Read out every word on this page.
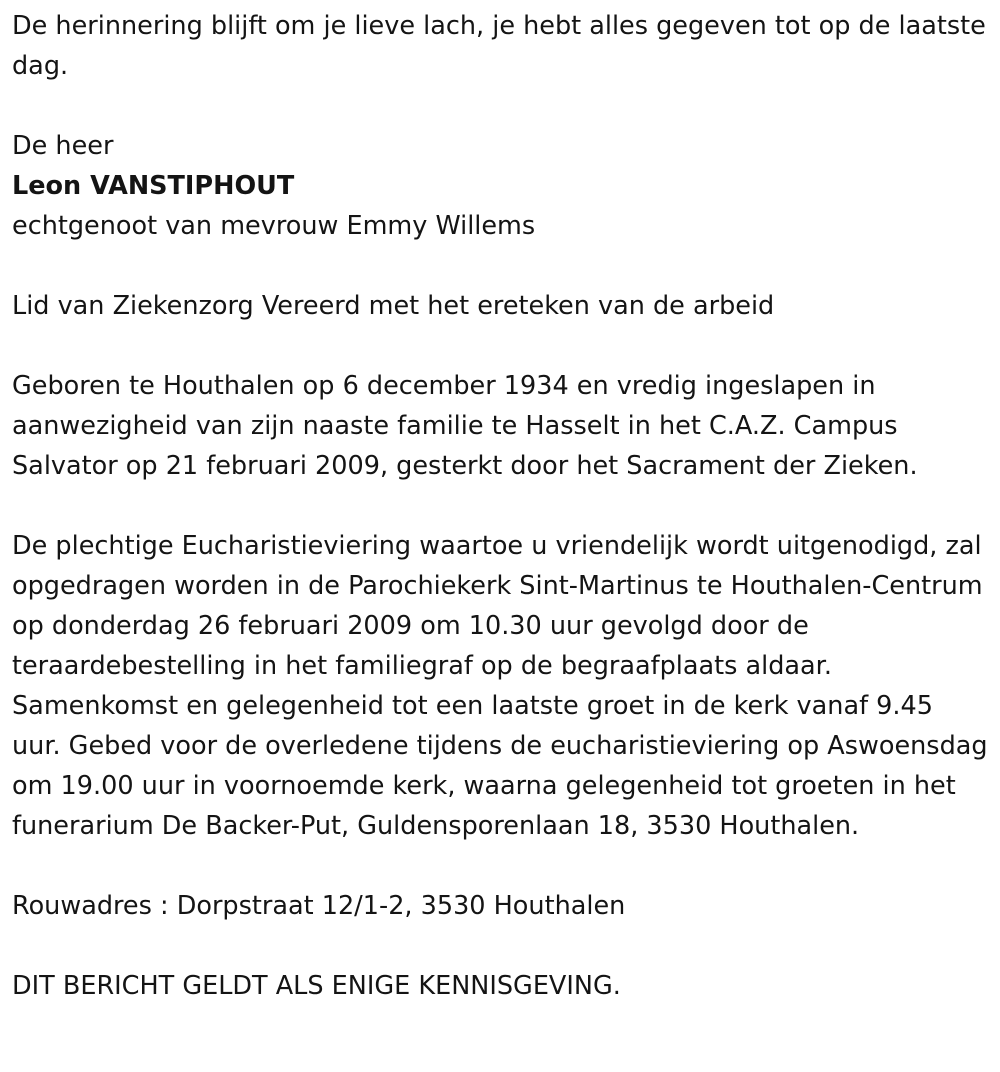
De herinnering blijft om je lieve lach, je hebt alles gegeven tot op de laatste dag.

De heer

Leon VANSTIPHOUT

echtgenoot van mevrouw Emmy Willems

Lid van Ziekenzorg Vereerd met het ereteken van de arbeid

Geboren te Houthalen op 6 december 1934 en vredig ingeslapen in aanwezigheid van zijn naaste familie te Hasselt in het C.A.Z. Campus Salvator op 21 februari 2009, gesterkt door het Sacrament der Zieken.

De plechtige Eucharistieviering waartoe u vriendelijk wordt uitgenodigd, zal opgedragen worden in de Parochiekerk Sint-Martinus te Houthalen-Centrum op donderdag 26 februari 2009 om 10.30 uur gevolgd door de teraardebestelling in het familiegraf op de begraafplaats aldaar. Samenkomst en gelegenheid tot een laatste groet in de kerk vanaf 9.45 uur. Gebed voor de overledene tijdens de eucharistieviering op Aswoensdag om 19.00 uur in voornoemde kerk, waarna gelegenheid tot groeten in het funerarium De Backer-Put, Guldensporenlaan 18, 3530 Houthalen.

Rouwadres : Dorpstraat 12/1-2, 3530 Houthalen

DIT BERICHT GELDT ALS ENIGE KENNISGEVING.
